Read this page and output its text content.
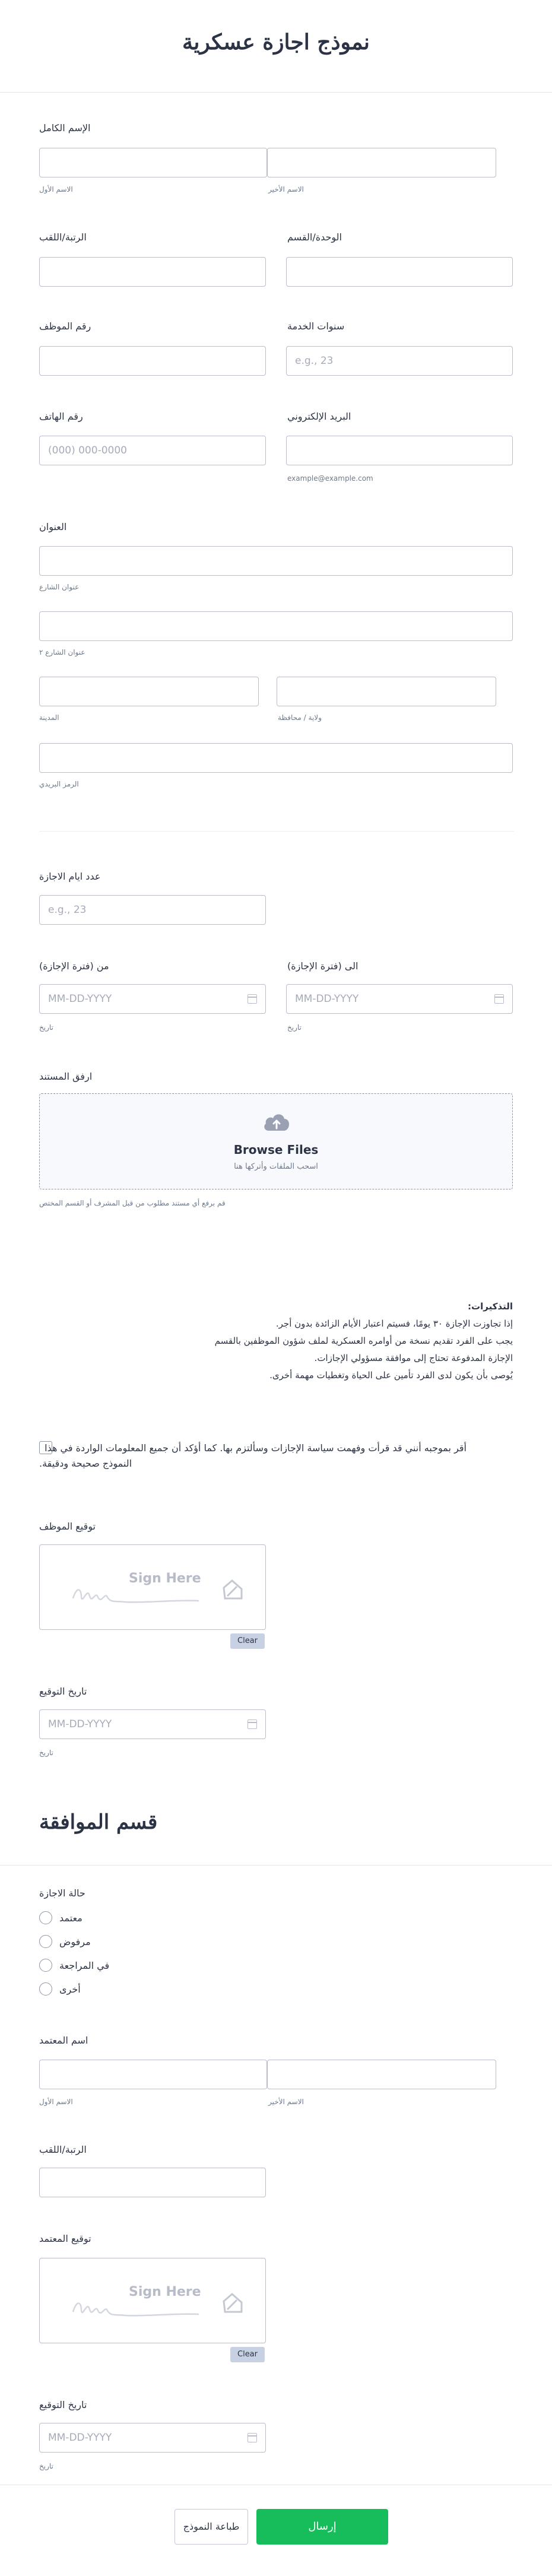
نموذج اجازة عسكرية
الإسم الكامل
الاسم الأول	الاسم الأخير
الرتبة/اللقب	الوحدة/القسم
رقم الموظف	سنوات الخدمة
e.g., 23
رقم الهاتف	البريد الإلكتروني
(000) 000-0000
example@example.com
العنوان
عنوان الشارع
عنوان الشارع ٢
المدينة	ولاية / محافظة
الرمز البريدي
عدد ايام الاجازة
e.g., 23
من (فترة الإجازة)	الى (فترة الإجازة)
MM-DD-YYYY	MM-DD-YYYY
تاريخ	تاريخ
ارفق المستند
Browse Files
اسحب الملفات وأتركها هنا
قم برفع أي مستند مطلوب من قبل المشرف أو القسم المختص
:التذكيرات
.إذا تجاوزت الإجازة ٣٠ يومًا، فسيتم اعتبار الأيام الزائدة بدون أجر
يجب على الفرد تقديم نسخة من أوامره العسكرية لملف شؤون الموظفين بالقسم
.الإجازة المدفوعة تحتاج إلى موافقة مسؤولي الإجازات
.يُوصى بأن يكون لدى الفرد تأمين على الحياة وتغطيات مهمة أخرى
أقر بموجبه أنني قد قرأت وفهمت سياسة الإجازات وسألتزم بها. كما أؤكد أن جميع المعلومات الواردة في هذا
.النموذج صحيحة ودقيقة
توقيع الموظف
Sign Here
Clear
تاريخ التوقيع
MM-DD-YYYY
تاريخ
قسم الموافقة
حالة الاجازة
معتمد
مرفوض
في المراجعة
أخرى
اسم المعتمد
الاسم الأول	الاسم الأخير
الرتبة/اللقب
توقيع المعتمد
Sign Here
Clear
تاريخ التوقيع
MM-DD-YYYY
تاريخ
طباعة النموذج	إرسال
